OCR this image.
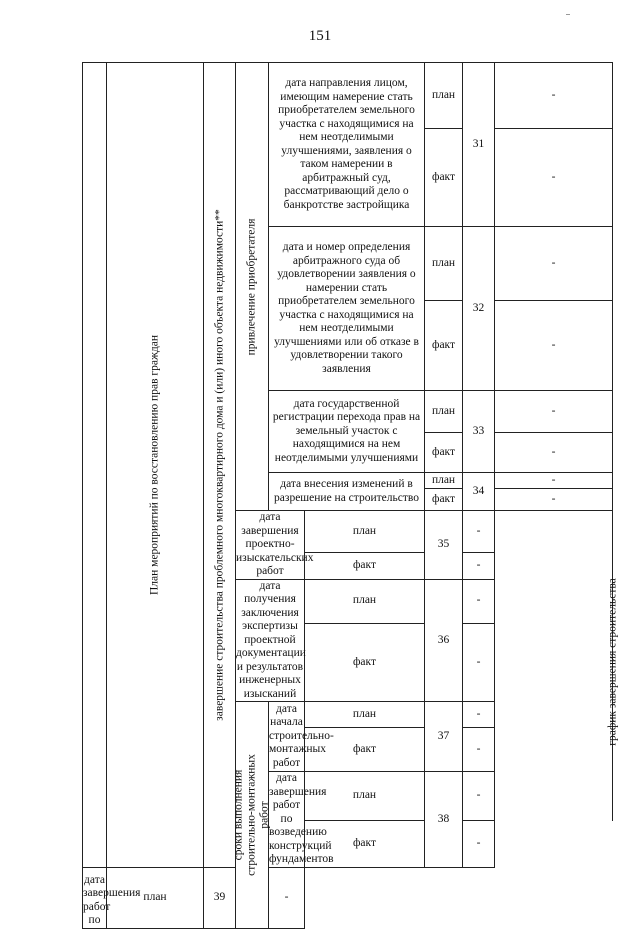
151

	План мероприятий по восстановлению прав граждан	завершение строительства проблемного многоквартирного дома и (или) иного объекта недвижимости**	привлечение приобретателя	дата направления лицом, имеющим намерение стать приобретателем земельного участка с находящимися на нем неотделимыми улучшениями, заявления о таком намерении в арбитражный суд, рассматривающий дело о банкротстве застройщика		план	31	-	
						факт		-	
				дата и номер определения арбитражного суда об удовлетворении заявления о намерении стать приобретателем земельного участка с находящимися на нем неотделимыми улучшениями или об отказе в удовлетворении такого заявления		план	32	-	
						факт		-	
				дата государственной регистрации перехода прав на земельный участок с находящимися на нем неотделимыми улучшениями		план	33	-	
						факт		-	
				дата внесения изменений в разрешение на строительство		план	34	-	
						факт		-	

									график завершения строительства

			дата завершения проектно-изыскательских работ		план	35	-		
					факт		-		
			дата получения заключения экспертизы проектной документации и результатов инженерных изысканий		план	36	-		
					факт		-		

			сроки выполнения строительно-монтажных работ	дата начала строительно-монтажных работ	план	37	-		
					факт		-		
				дата завершения работ по возведению конструкций фундаментов	план	38	-		
					факт		-		
дата завершения работ по	план	39		-					
